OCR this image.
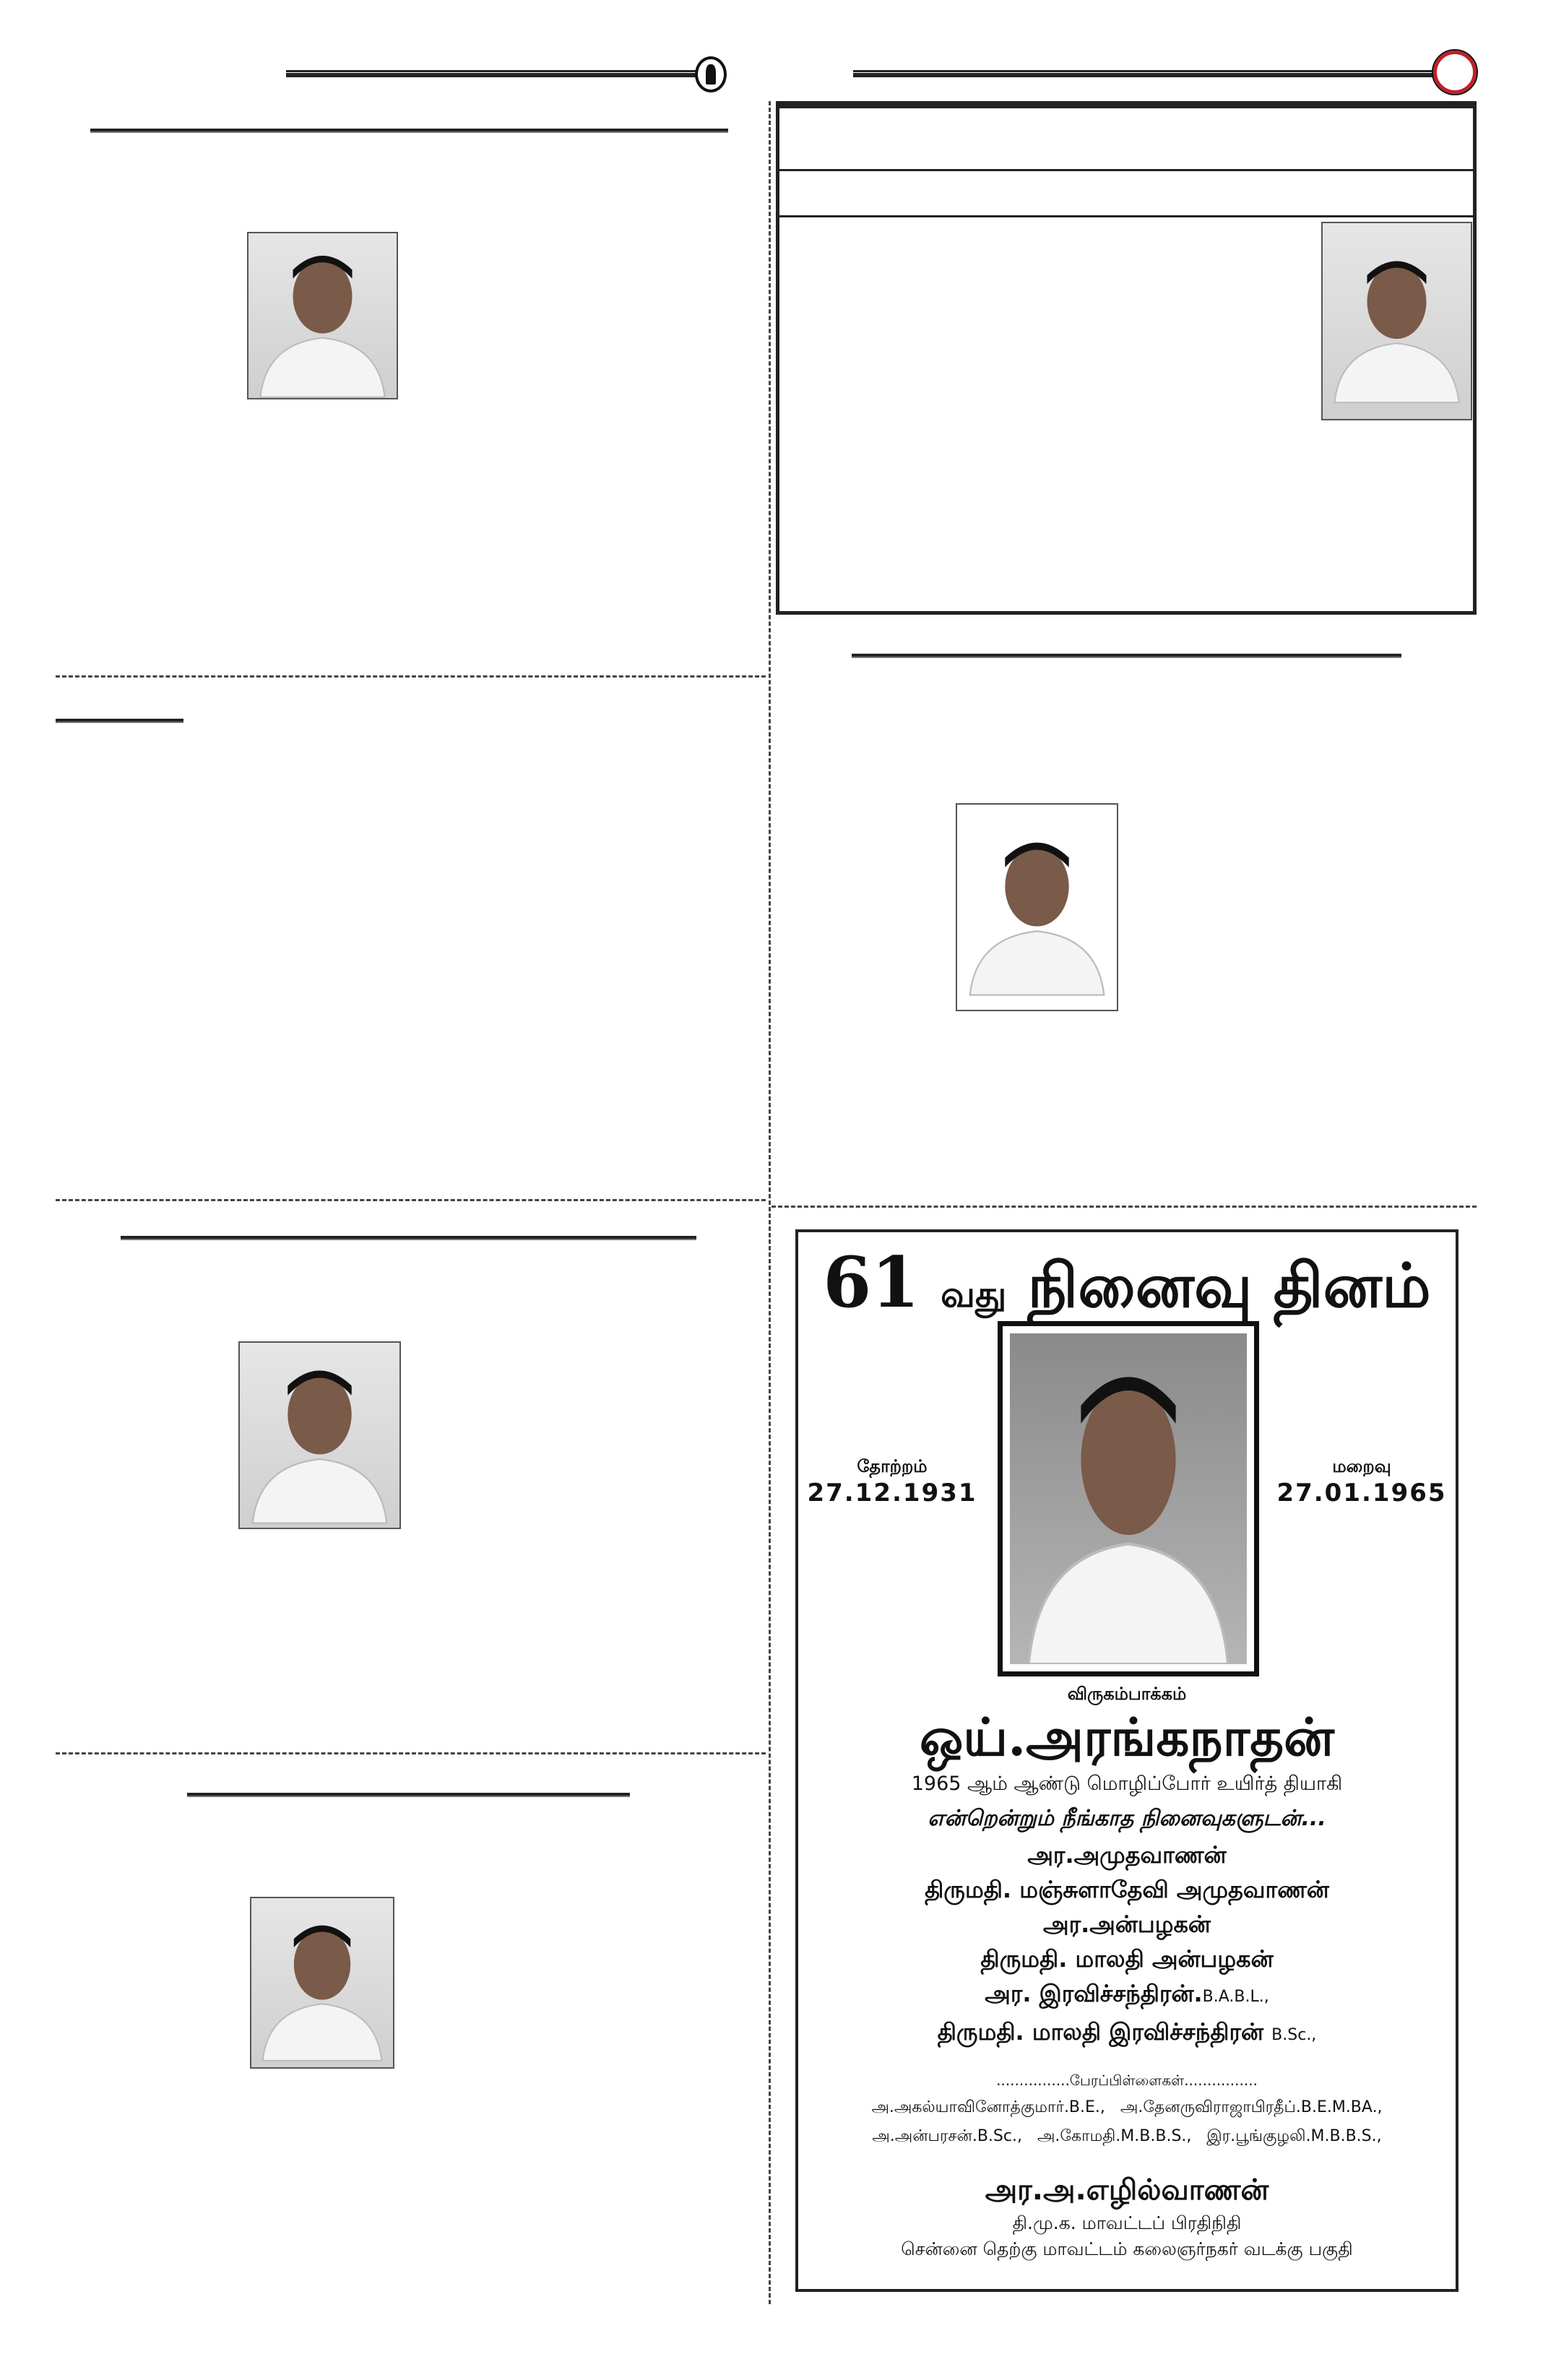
61 வது நினைவு தினம்
தோற்றம்
27.12.1931
மறைவு
27.01.1965
விருகம்பாக்கம்
ஒய்.அரங்கநாதன்
1965 ஆம் ஆண்டு மொழிப்போர் உயிர்த் தியாகி
என்றென்றும் நீங்காத நினைவுகளுடன்...
அர.அமுதவாணன்
திருமதி. மஞ்சுளாதேவி அமுதவாணன்
அர.அன்பழகன்
திருமதி. மாலதி அன்பழகன்
அர. இரவிச்சந்திரன்.B.A.B.L.,
திருமதி. மாலதி இரவிச்சந்திரன் B.Sc.,
................பேரப்பிள்ளைகள்................
அ.அகல்யாவினோத்குமார்.B.E.,   அ.தேனருவிராஜாபிரதீப்.B.E.M.BA.,
அ.அன்பரசன்.B.Sc.,   அ.கோமதி.M.B.B.S.,   இர.பூங்குழலி.M.B.B.S.,
அர.அ.எழில்வாணன்
தி.மு.க. மாவட்டப் பிரதிநிதி
சென்னை தெற்கு மாவட்டம் கலைஞர்நகர் வடக்கு பகுதி
